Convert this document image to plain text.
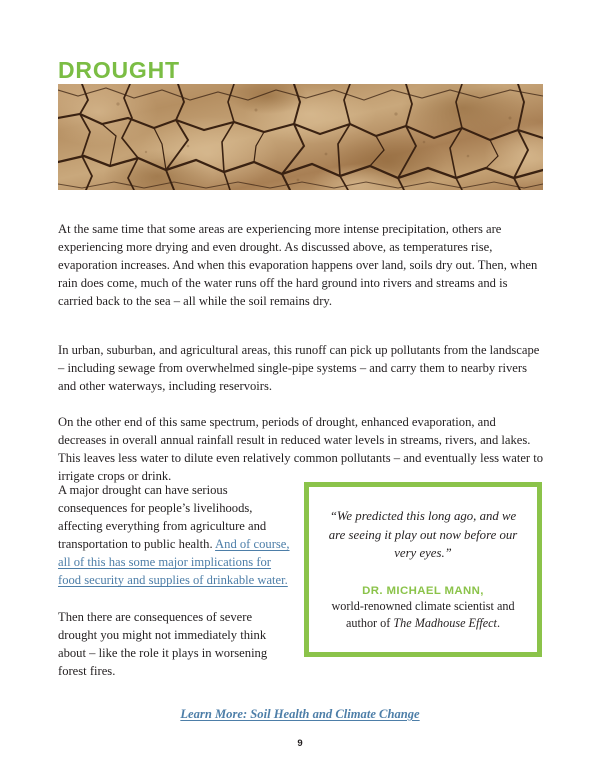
DROUGHT

At the same time that some areas are experiencing more intense precipitation, others are experiencing more drying and even drought. As discussed above, as temperatures rise, evaporation increases. And when this evaporation happens over land, soils dry out. Then, when rain does come, much of the water runs off the hard ground into rivers and streams and is carried back to the sea – all while the soil remains dry.

In urban, suburban, and agricultural areas, this runoff can pick up pollutants from the landscape – including sewage from overwhelmed single-pipe systems – and carry them to nearby rivers and other waterways, including reservoirs.

On the other end of this same spectrum, periods of drought, enhanced evaporation, and decreases in overall annual rainfall result in reduced water levels in streams, rivers, and lakes. This leaves less water to dilute even relatively common pollutants – and eventually less water to irrigate crops or drink.

A major drought can have serious consequences for people’s livelihoods, affecting everything from agriculture and transportation to public health. And of course, all of this has some major implications for food security and supplies of drinkable water.

Then there are consequences of severe drought you might not immediately think about – like the role it plays in worsening forest fires.

“We predicted this long ago, and we are seeing it play out now before our very eyes.”
DR. MICHAEL MANN,
world-renowned climate scientist and author of The Madhouse Effect.
Learn More: Soil Health and Climate Change
9
